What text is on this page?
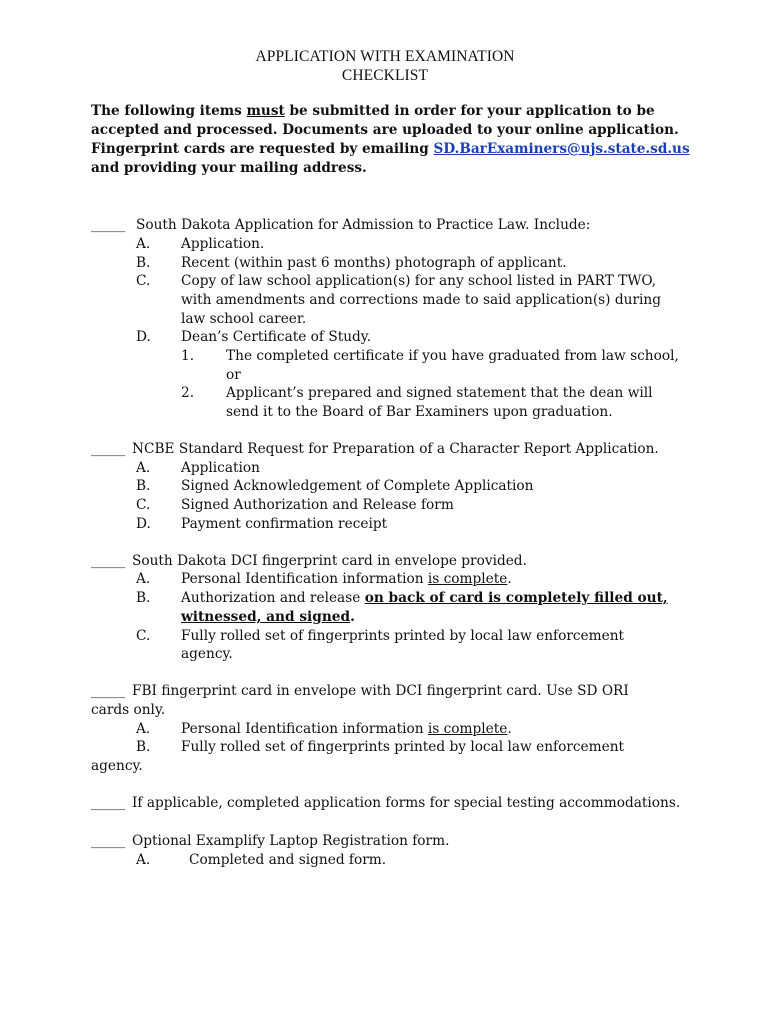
APPLICATION WITH EXAMINATION
CHECKLIST
The following items must be submitted in order for your application to be accepted and processed. Documents are uploaded to your online application. Fingerprint cards are requested by emailing SD.BarExaminers@ujs.state.sd.us and providing your mailing address.
_____ South Dakota Application for Admission to Practice Law. Include:
A. Application.
B. Recent (within past 6 months) photograph of applicant.
C. Copy of law school application(s) for any school listed in PART TWO,
with amendments and corrections made to said application(s) during
law school career.
D. Dean’s Certificate of Study.
1. The completed certificate if you have graduated from law school,
or
2. Applicant’s prepared and signed statement that the dean will
send it to the Board of Bar Examiners upon graduation.
_____ NCBE Standard Request for Preparation of a Character Report Application.
A. Application
B. Signed Acknowledgement of Complete Application
C. Signed Authorization and Release form
D. Payment confirmation receipt
_____ South Dakota DCI fingerprint card in envelope provided.
A. Personal Identification information is complete.
B. Authorization and release on back of card is completely filled out,
witnessed, and signed.
C. Fully rolled set of fingerprints printed by local law enforcement
agency.
_____ FBI fingerprint card in envelope with DCI fingerprint card. Use SD ORI
cards only.
A. Personal Identification information is complete.
B. Fully rolled set of fingerprints printed by local law enforcement
agency.
_____ If applicable, completed application forms for special testing accommodations.
_____ Optional Examplify Laptop Registration form.
A.	Completed and signed form.
